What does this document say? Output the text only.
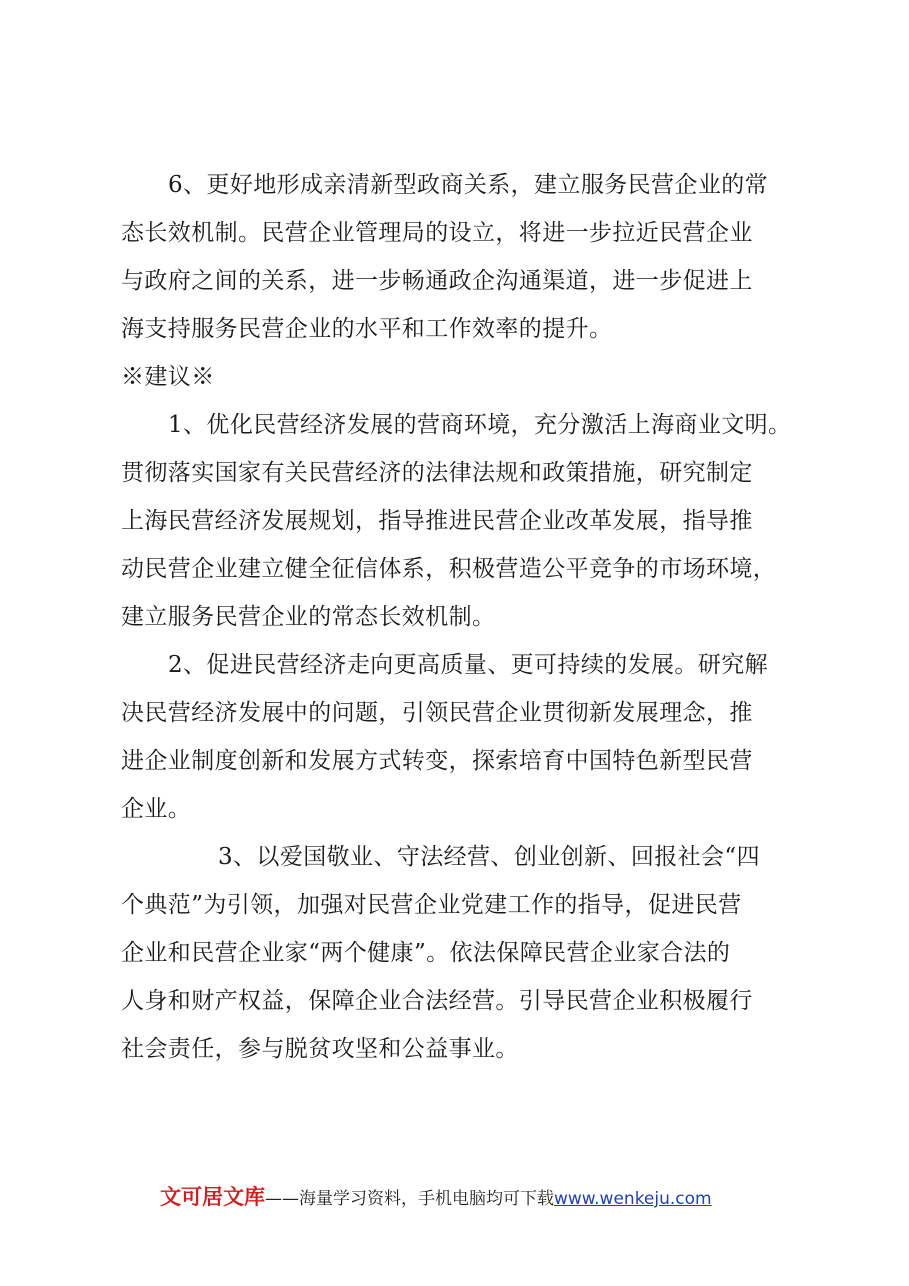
6、更好地形成亲清新型政商关系，建立服务民营企业的常
态长效机制。民营企业管理局的设立，将进一步拉近民营企业
与政府之间的关系，进一步畅通政企沟通渠道，进一步促进上
海支持服务民营企业的水平和工作效率的提升。
※建议※
1、优化民营经济发展的营商环境，充分激活上海商业文明。
贯彻落实国家有关民营经济的法律法规和政策措施，研究制定
上海民营经济发展规划，指导推进民营企业改革发展，指导推
动民营企业建立健全征信体系，积极营造公平竞争的市场环境，
建立服务民营企业的常态长效机制。
2、促进民营经济走向更高质量、更可持续的发展。研究解
决民营经济发展中的问题，引领民营企业贯彻新发展理念，推
进企业制度创新和发展方式转变，探索培育中国特色新型民营
企业。
3、以爱国敬业、守法经营、创业创新、回报社会“四
个典范”为引领，加强对民营企业党建工作的指导，促进民营
企业和民营企业家“两个健康”。依法保障民营企业家合法的
人身和财产权益，保障企业合法经营。引导民营企业积极履行
社会责任，参与脱贫攻坚和公益事业。
文可居文库——海量学习资料，手机电脑均可下载www.wenkeju.com
